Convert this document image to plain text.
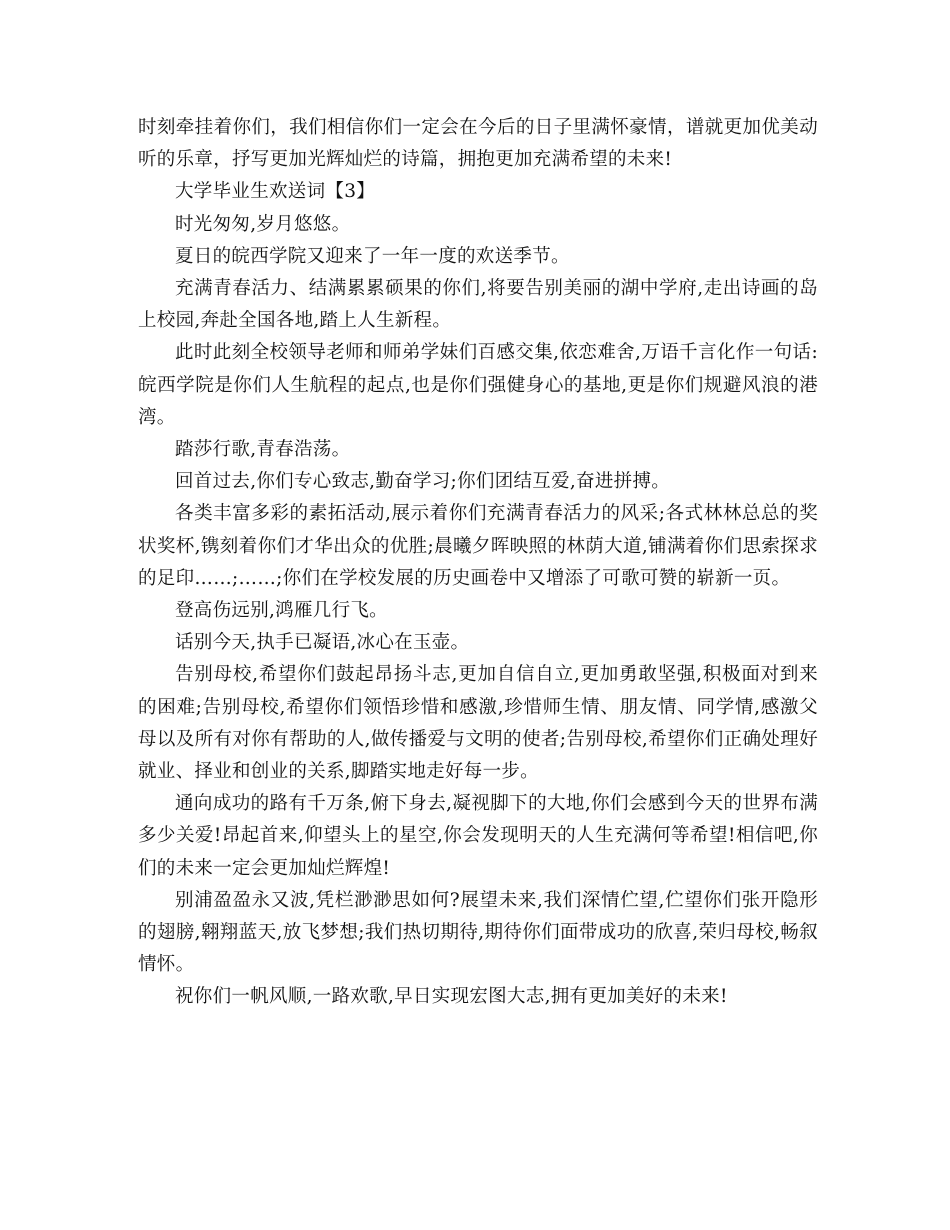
时刻牵挂着你们，我们相信你们一定会在今后的日子里满怀豪情，谱就更加优美动听的乐章，抒写更加光辉灿烂的诗篇，拥抱更加充满希望的未来!

大学毕业生欢送词【3】

时光匆匆,岁月悠悠。

夏日的皖西学院又迎来了一年一度的欢送季节。

充满青春活力、结满累累硕果的你们,将要告别美丽的湖中学府,走出诗画的岛上校园,奔赴全国各地,踏上人生新程。

此时此刻全校领导老师和师弟学妹们百感交集,依恋难舍,万语千言化作一句话:皖西学院是你们人生航程的起点,也是你们强健身心的基地,更是你们规避风浪的港湾。

踏莎行歌,青春浩荡。

回首过去,你们专心致志,勤奋学习;你们团结互爱,奋进拼搏。

各类丰富多彩的素拓活动,展示着你们充满青春活力的风采;各式林林总总的奖状奖杯,镌刻着你们才华出众的优胜;晨曦夕晖映照的林荫大道,铺满着你们思索探求的足印……;……;你们在学校发展的历史画卷中又增添了可歌可赞的崭新一页。

登高伤远别,鸿雁几行飞。

话别今天,执手已凝语,冰心在玉壶。

告别母校,希望你们鼓起昂扬斗志,更加自信自立,更加勇敢坚强,积极面对到来的困难;告别母校,希望你们领悟珍惜和感激,珍惜师生情、朋友情、同学情,感激父母以及所有对你有帮助的人,做传播爱与文明的使者;告别母校,希望你们正确处理好就业、择业和创业的关系,脚踏实地走好每一步。

通向成功的路有千万条,俯下身去,凝视脚下的大地,你们会感到今天的世界布满多少关爱!昂起首来,仰望头上的星空,你会发现明天的人生充满何等希望!相信吧,你们的未来一定会更加灿烂辉煌!

别浦盈盈永又波,凭栏渺渺思如何?展望未来,我们深情伫望,伫望你们张开隐形的翅膀,翱翔蓝天,放飞梦想;我们热切期待,期待你们面带成功的欣喜,荣归母校,畅叙情怀。

祝你们一帆风顺,一路欢歌,早日实现宏图大志,拥有更加美好的未来!
